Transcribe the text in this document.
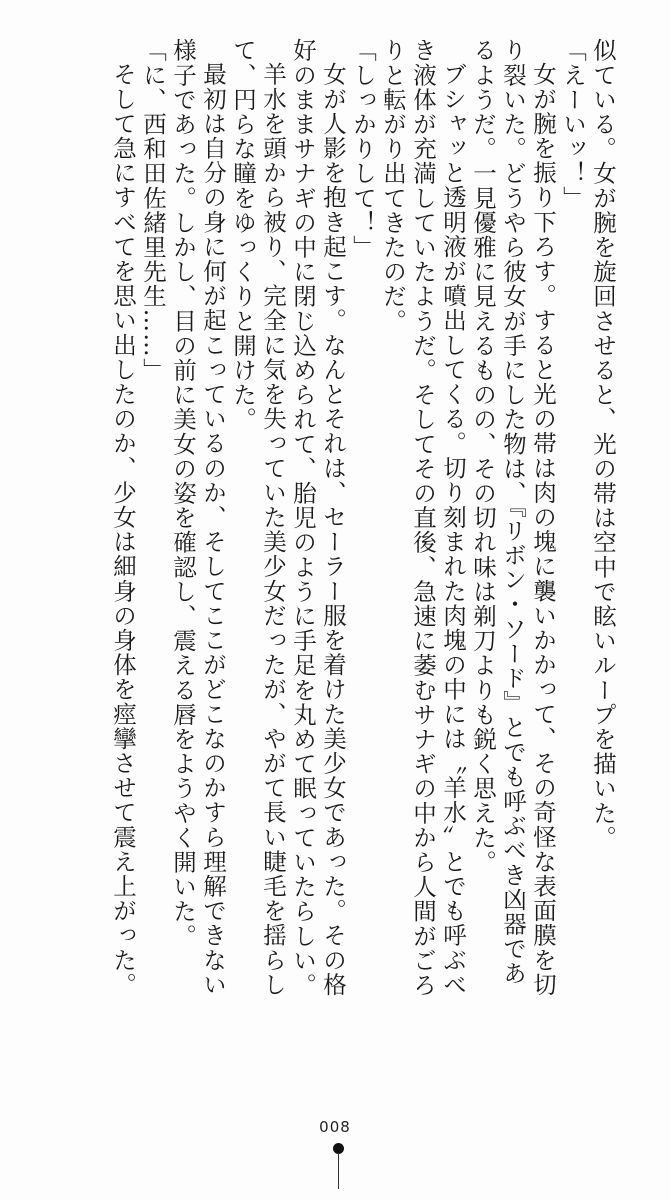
似ている。女が腕を旋回させると、光の帯は空中で眩いループを描いた。

「えーいッ！」

女が腕を振り下ろす。すると光の帯は肉の塊に襲いかかって、その奇怪な表面膜を切り裂いた。どうやら彼女が手にした物は、『リボン・ソード』とでも呼ぶべき凶器であるようだ。一見優雅に見えるものの、その切れ味は剃刀よりも鋭く思えた。

ブシャッと透明液が噴出してくる。切り刻まれた肉塊の中には〝羊水〟とでも呼ぶべき液体が充満していたようだ。そしてその直後、急速に萎むサナギの中から人間がごろりと転がり出てきたのだ。

「しっかりして！」

女が人影を抱き起こす。なんとそれは、セーラー服を着けた美少女であった。その格好のままサナギの中に閉じ込められて、胎児のように手足を丸めて眠っていたらしい。

羊水を頭から被り、完全に気を失っていた美少女だったが、やがて長い睫毛を揺らして、円らな瞳をゆっくりと開けた。

最初は自分の身に何が起こっているのか、そしてここがどこなのかすら理解できない様子であった。しかし、目の前に美女の姿を確認し、震える唇をようやく開いた。

「に、西和田佐緒里先生……」

そして急にすべてを思い出したのか、少女は細身の身体を痙攣させて震え上がった。

008
